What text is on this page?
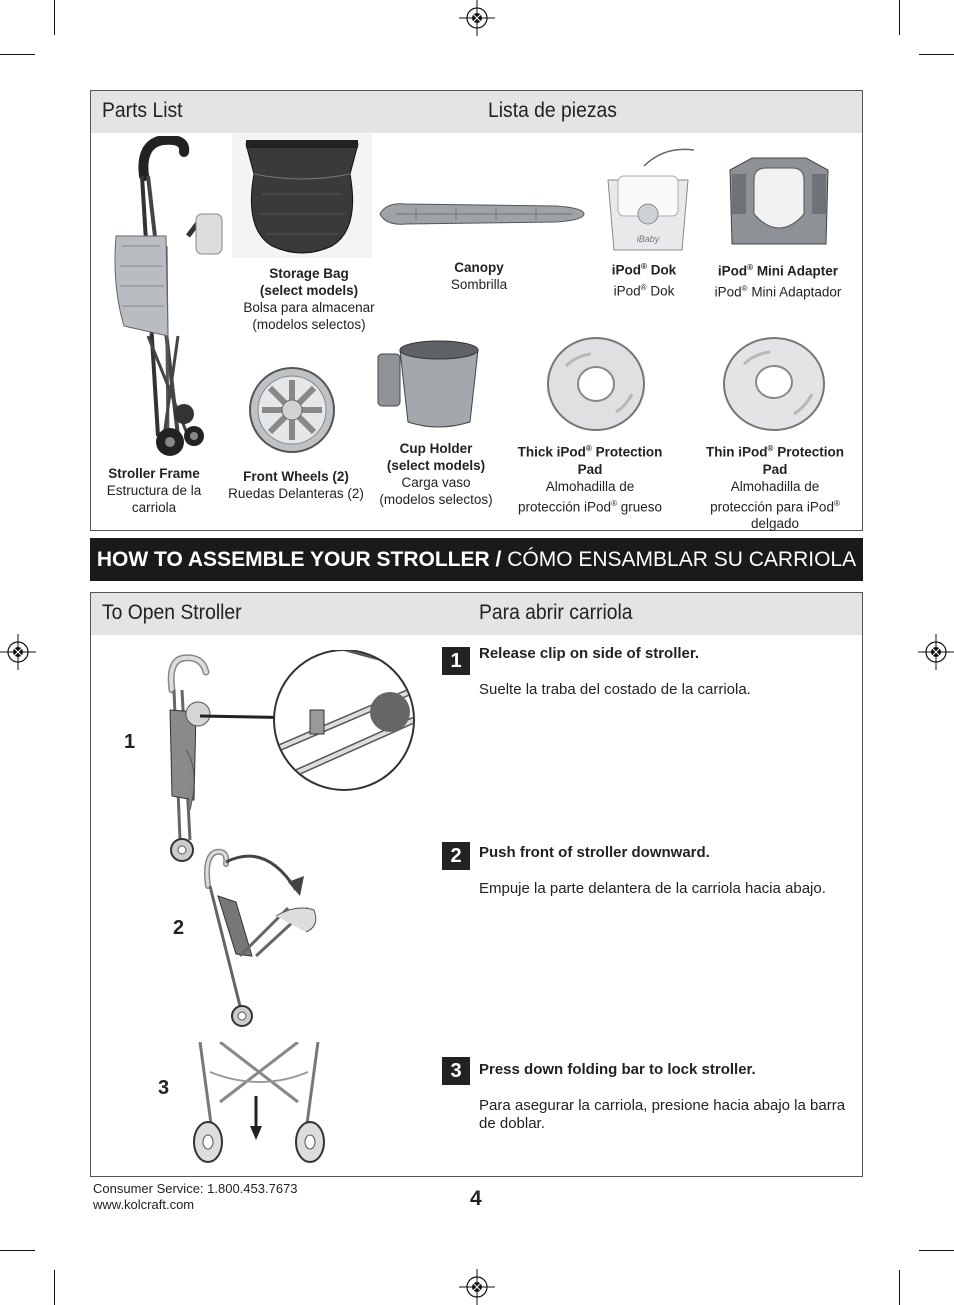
Parts List	Lista de piezas
Stroller Frame
Estructura de la carriola
Storage Bag
(select models)
Bolsa para almacenar
(modelos selectos)
Canopy
Sombrilla
iBaby
iPod® Dok
iPod® Dok
iPod® Mini Adapter
iPod® Mini Adaptador
Front Wheels (2)
Ruedas Delanteras (2)
Cup Holder
(select models)
Carga vaso
(modelos selectos)
Thick iPod® Protection Pad
Almohadilla de
protección iPod® grueso
Thin iPod® Protection Pad
Almohadilla de
protección para iPod®
delgado
HOW TO ASSEMBLE YOUR STROLLER / CÓMO ENSAMBLAR SU CARRIOLA
To Open Stroller	Para abrir carriola
1
2
3
1	Release clip on side of stroller.
Suelte la traba del costado de la carriola.
2	Push front of stroller downward.
Empuje la parte delantera de la carriola hacia abajo.
3	Press down folding bar to lock stroller.
Para asegurar la carriola, presione hacia abajo la barra de doblar.
Consumer Service: 1.800.453.7673
www.kolcraft.com	4
